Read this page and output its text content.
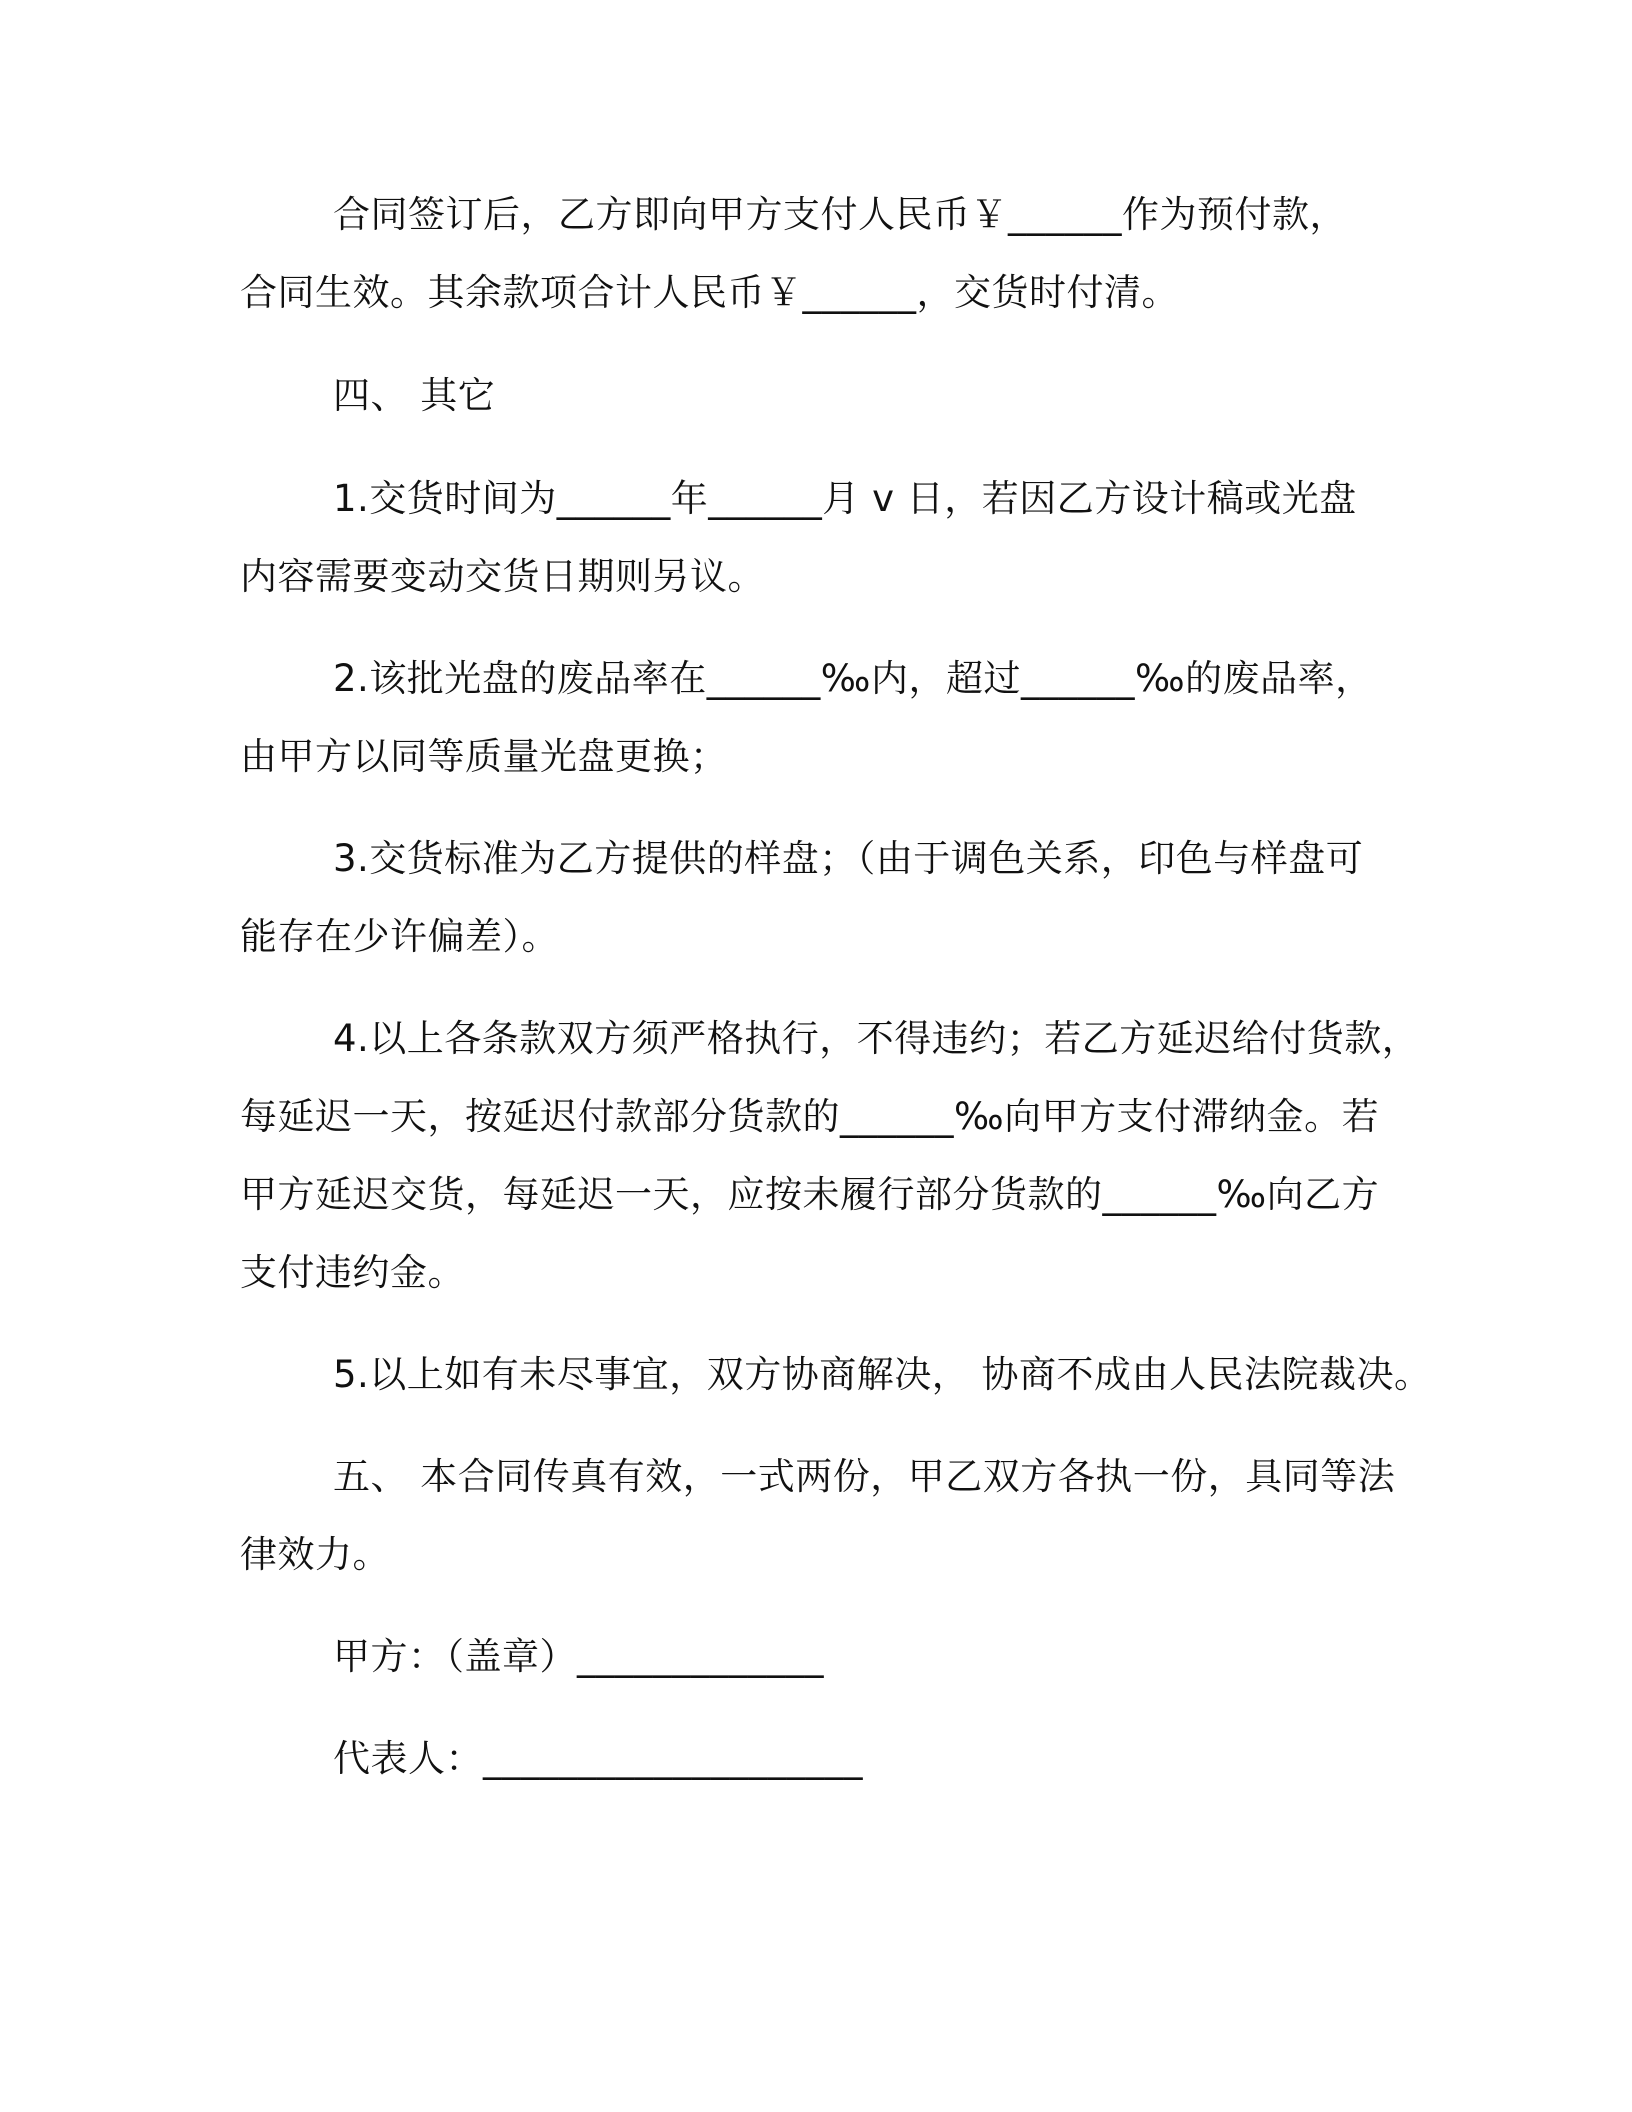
合同签订后，乙方即向甲方支付人民币￥______作为预付款，

合同生效。其余款项合计人民币￥______，交货时付清。

四、 其它

1.交货时间为______年______月 v 日，若因乙方设计稿或光盘

内容需要变动交货日期则另议。

2.该批光盘的废品率在______‰内，超过______‰的废品率，

由甲方以同等质量光盘更换；

3.交货标准为乙方提供的样盘；（由于调色关系，印色与样盘可

能存在少许偏差）。

4.以上各条款双方须严格执行，不得违约；若乙方延迟给付货款，

每延迟一天，按延迟付款部分货款的______‰向甲方支付滞纳金。若

甲方延迟交货，每延迟一天，应按未履行部分货款的______‰向乙方

支付违约金。

5.以上如有未尽事宜，双方协商解决， 协商不成由人民法院裁决。

五、 本合同传真有效，一式两份，甲乙双方各执一份，具同等法

律效力。

甲方：（盖章）_____________

代表人：____________________
